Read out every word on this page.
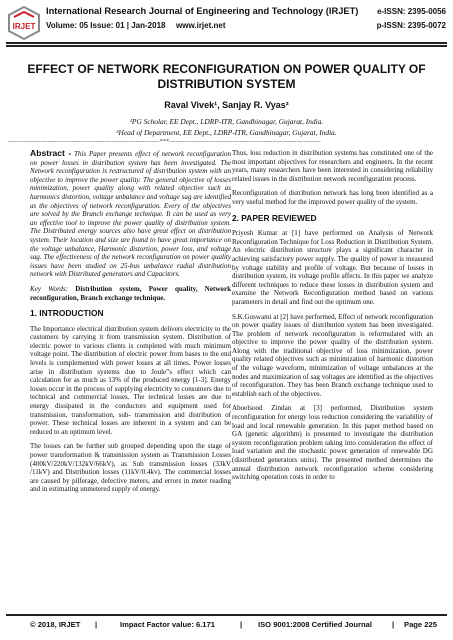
IRJET
International Research Journal of Engineering and Technology (IRJET)
Volume: 05 Issue: 01 | Jan-2018 www.irjet.net
e-ISSN: 2395-0056
p-ISSN: 2395-0072
EFFECT OF NETWORK RECONFIGURATION ON POWER QUALITY OF DISTRIBUTION SYSTEM
Raval Vivek¹, Sanjay R. Vyas²
¹PG Scholar, EE Dept., LDRP-ITR, Gandhinagar, Gujarat, India.
²Head of Department, EE Dept., LDRP-ITR, Gandhinagar, Gujarat, India.
---------------------------------------------------------------------***---------------------------------------------------------------------

Abstract - This Paper presents effect of network reconfiguration on power losses in distribution system has been investigated. The Network reconfiguration is restructured of distribution system with an objective to improve the power quality. The general objective of losses minimization, power quality along with related objective such as harmonics distortion, voltage unbalance and voltage sag are identified as the objectives of network reconfiguration. Every of the objectives are solved by the Branch exchange technique. It can be used as very an effective tool to improve the power quality of distribution system. The Distributed energy sources also have great effect on distribution system. Their location and size are found to have great importance on the voltage unbalance, Harmonic distortion, power loss, and voltage sag. The effectiveness of the network reconfiguration on power quality issues have been studied on 25-bus unbalance radial distribution network with Distributed generators and Capacitors.

Key Words: Distribution system, Power quality, Network reconfiguration, Branch exchange technique.

1. INTRODUCTION

The Importance electrical distribution system delivers electricity to the customers by carrying it from transmission system. Distribution of electric power to various clients is completed with much minimum voltage point. The distribution of electric power from bases to the end levels is complemented with power losses at all times. Power losses arise in distribution systems due to Joule”s effect which can calculation for as much as 13% of the produced energy [1-3]. Energy losses occur in the process of supplying electricity to consumers due to technical and commercial losses. The technical losses are due to energy dissipated in the conductors and equipment used for transmission, transformation, sub- transmission and distribution of power. These technical losses are inherent in a system and can be reduced to an optimum level.

The losses can be further sub grouped depending upon the stage of power transformation & transmission system as Transmission Losses (400kV/220kV/132kV/66kV), as Sub transmission losses (33kV /11kV) and Distribution losses (11kV/0.4kv). The commercial losses are caused by pilferage, defective meters, and errors in meter reading and in estimating unmetered supply of energy.

Thus, loss reduction in distribution systems has constituted one of the most important objectives for researchers and engineers. In the recent years, many researchers have been interested in considering reliability related issues in the distribution network reconfiguration process.

Reconfiguration of distribution network has long been identified as a very useful method for the improved power quality of the system.

2. PAPER REVIEWED

Priyesh Kumar at [1] have performed on Analysis of Network Reconfiguration Technique for Loss Reduction in Distribution System. An electric distribution structure plays a significant character in achieving satisfactory power supply. The quality of power is measured by voltage stability and profile of voltage. But because of losses in distribution system, its voltage profile affects. In this paper we analyze different techniques to reduce these losses in distribution system and examine the Network Reconfiguration method based on various parameters in detail and find out the optimum one.

S.K.Goswami at [2] have performed, Effect of network reconfiguration on power quality issues of distribution system has been investigated. The problem of network reconfiguration is reformulated with an objective to improve the power quality of the distribution system. Along with the traditional objective of loss minimization, power quality related objectives such as minimization of harmonic distortion of the voltage waveform, minimization of voltage unbalances at the nodes and maximization of sag voltages are identified as the objectives of reconfiguration. They has been Branch exchange technique used to establish each of the objectives.

Aboelsood Zindan at [3] performed, Distribution system reconfiguration for energy loss reduction considering the variability of load and local renewable generation. In this paper method based on GA (genetic algorithm) is presented to investigate the distribution system reconfiguration problem taking into consideration the effect of load variation and the stochastic power generation of renewable DG (distributed generators units). The presented method determines the annual distribution network reconfiguration scheme considering switching operation costs in order to

© 2018, IRJET |	Impact Factor value: 6.171	| ISO 9001:2008 Certified Journal	| Page 225
